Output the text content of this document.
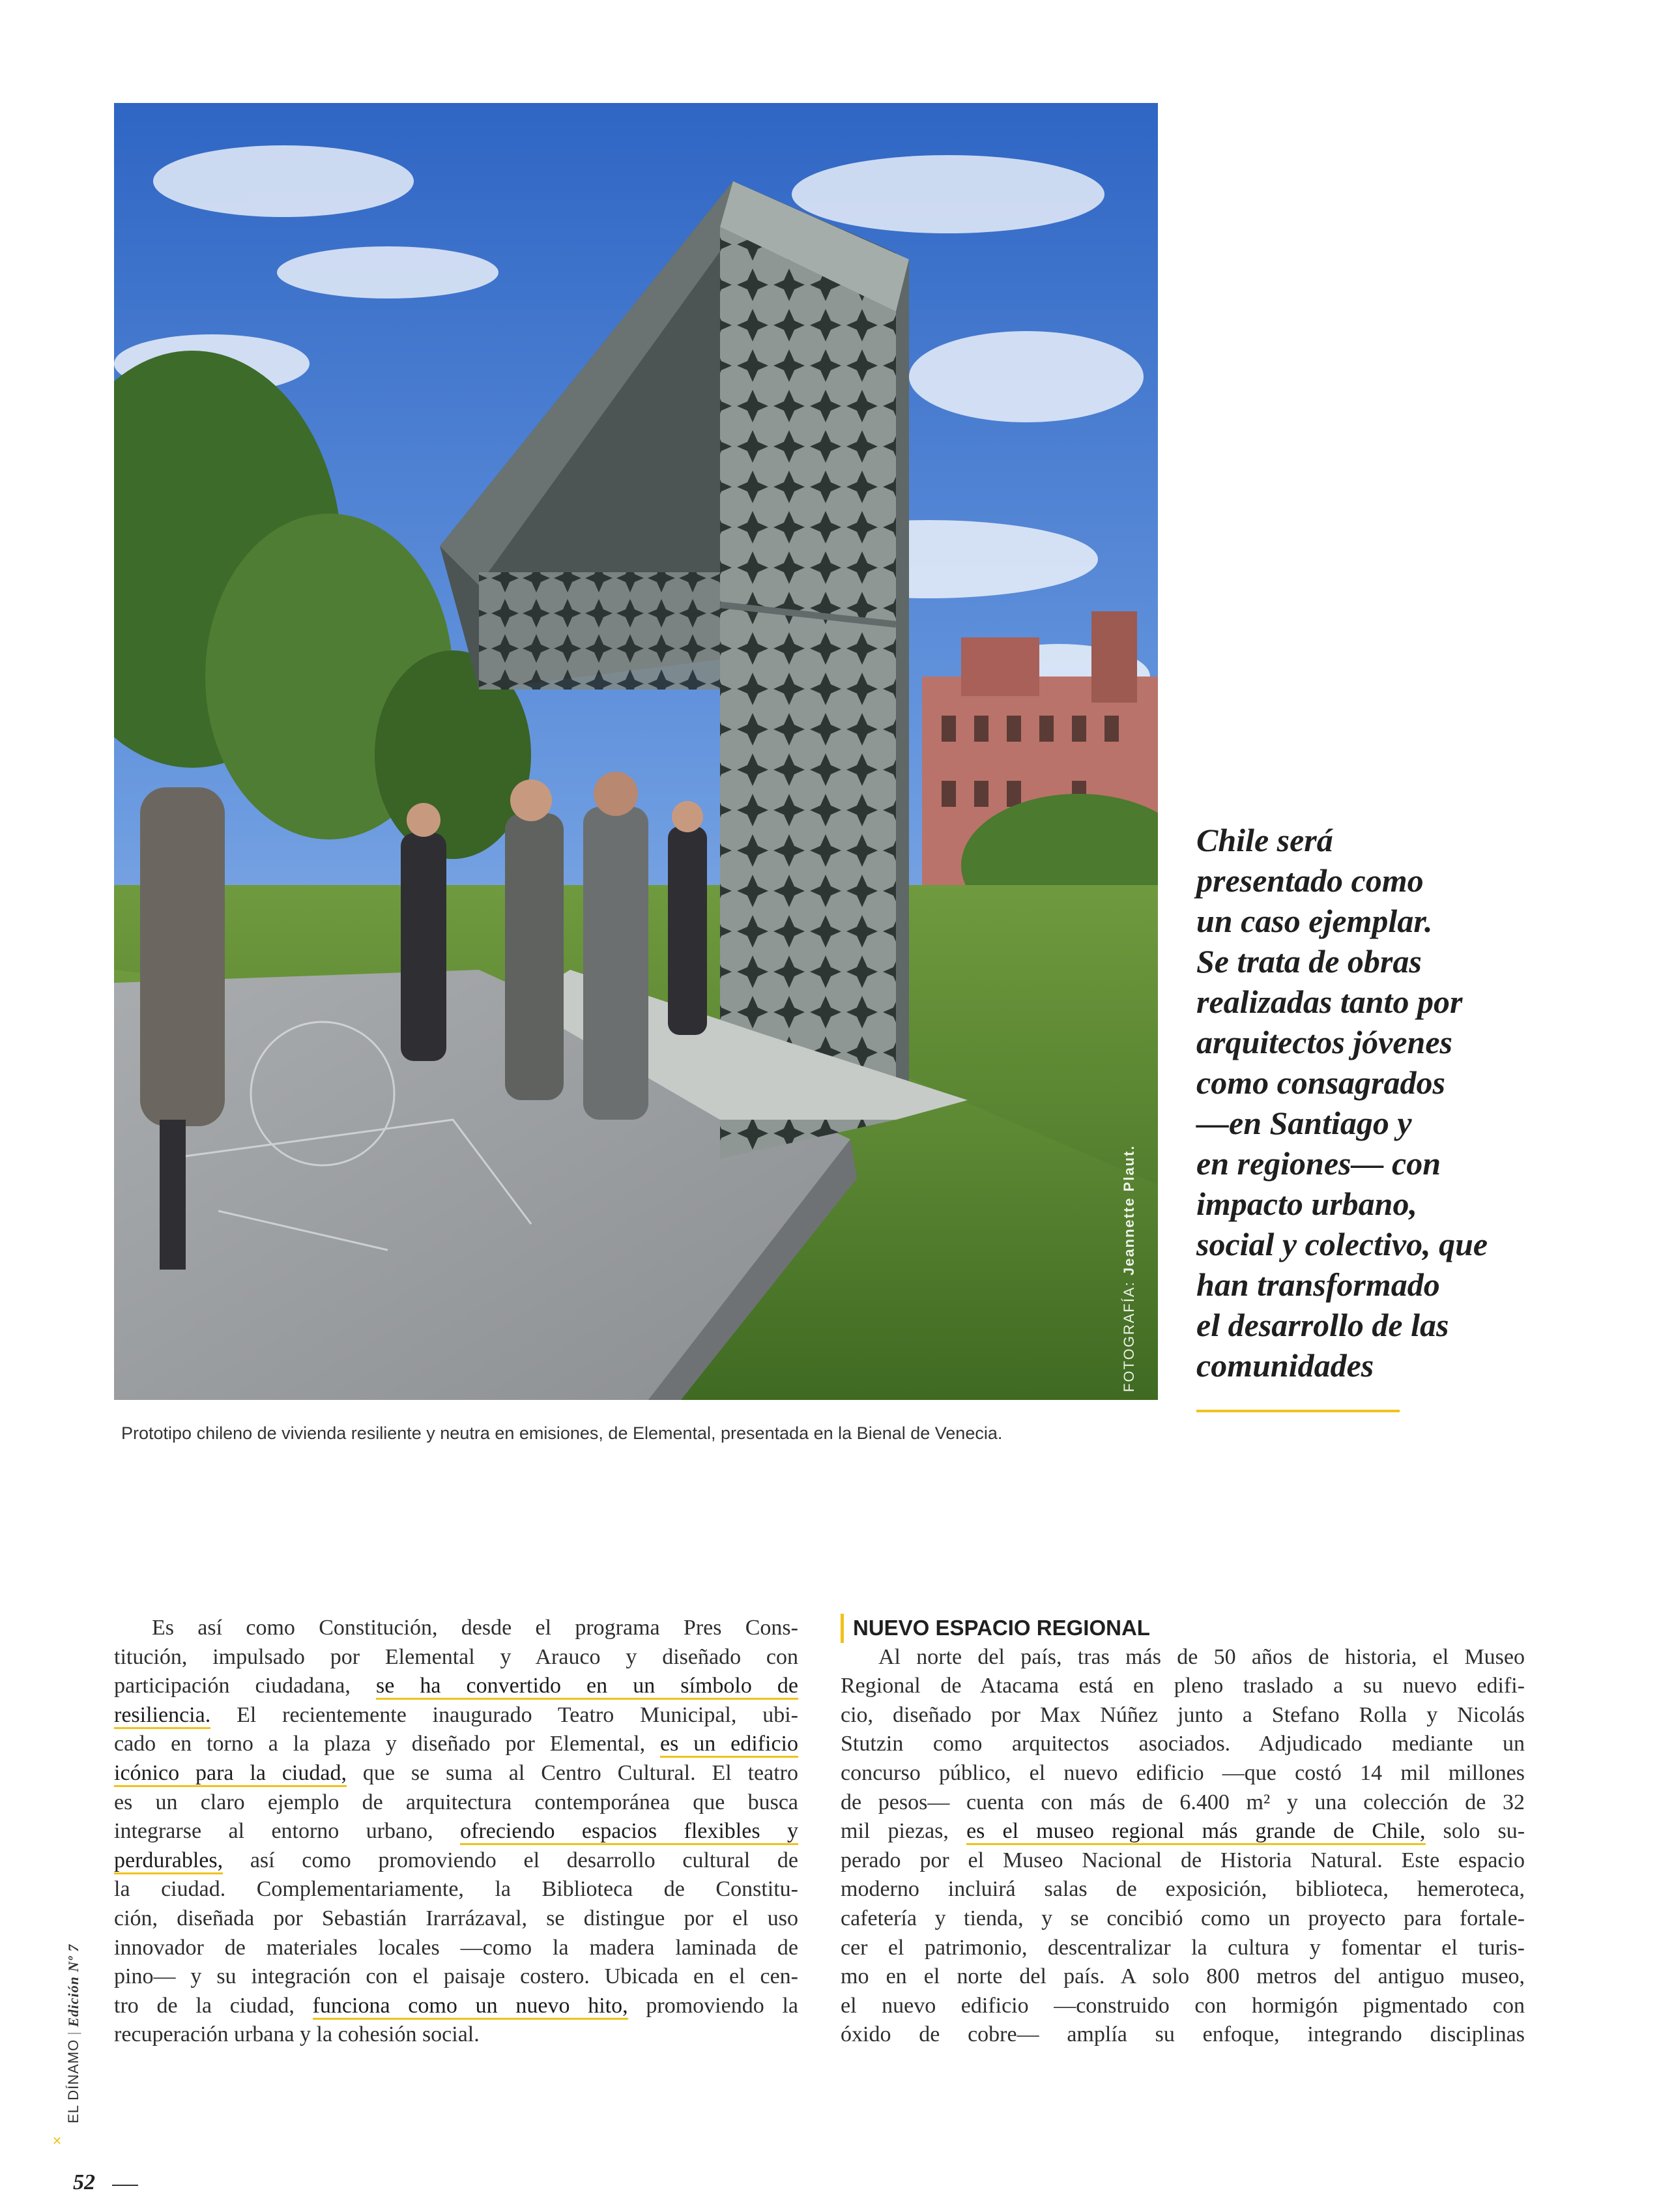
FOTOGRAFÍA: Jeannette Plaut.
Prototipo chileno de vivienda resiliente y neutra en emisiones, de Elemental, presentada en la Bienal de Venecia.
Chile será
presentado como
un caso ejemplar.
Se trata de obras
realizadas tanto por
arquitectos jóvenes
como consagrados
—en Santiago y
en regiones— con
impacto urbano,
social y colectivo, que
han transformado
el desarrollo de las
comunidades
Es así como Constitución, desde el programa Pres Cons-
titución, impulsado por Elemental y Arauco y diseñado con
participación ciudadana, se ha convertido en un símbolo de
resiliencia. El recientemente inaugurado Teatro Municipal, ubi-
cado en torno a la plaza y diseñado por Elemental, es un edificio
icónico para la ciudad, que se suma al Centro Cultural. El teatro
es un claro ejemplo de arquitectura contemporánea que busca
integrarse al entorno urbano, ofreciendo espacios flexibles y
perdurables, así como promoviendo el desarrollo cultural de
la ciudad. Complementariamente, la Biblioteca de Constitu-
ción, diseñada por Sebastián Irarrázaval, se distingue por el uso
innovador de materiales locales —como la madera laminada de
pino— y su integración con el paisaje costero. Ubicada en el cen-
tro de la ciudad, funciona como un nuevo hito, promoviendo la
recuperación urbana y la cohesión social.
NUEVO ESPACIO REGIONAL
Al norte del país, tras más de 50 años de historia, el Museo
Regional de Atacama está en pleno traslado a su nuevo edifi-
cio, diseñado por Max Núñez junto a Stefano Rolla y Nicolás
Stutzin como arquitectos asociados. Adjudicado mediante un
concurso público, el nuevo edificio —que costó 14 mil millones
de pesos— cuenta con más de 6.400 m² y una colección de 32
mil piezas, es el museo regional más grande de Chile, solo su-
perado por el Museo Nacional de Historia Natural. Este espacio
moderno incluirá salas de exposición, biblioteca, hemeroteca,
cafetería y tienda, y se concibió como un proyecto para fortale-
cer el patrimonio, descentralizar la cultura y fomentar el turis-
mo en el norte del país. A solo 800 metros del antiguo museo,
el nuevo edificio —construido con hormigón pigmentado con
óxido de cobre— amplía su enfoque, integrando disciplinas
✕
EL DÍNAMO|Edición Nº 7
52
